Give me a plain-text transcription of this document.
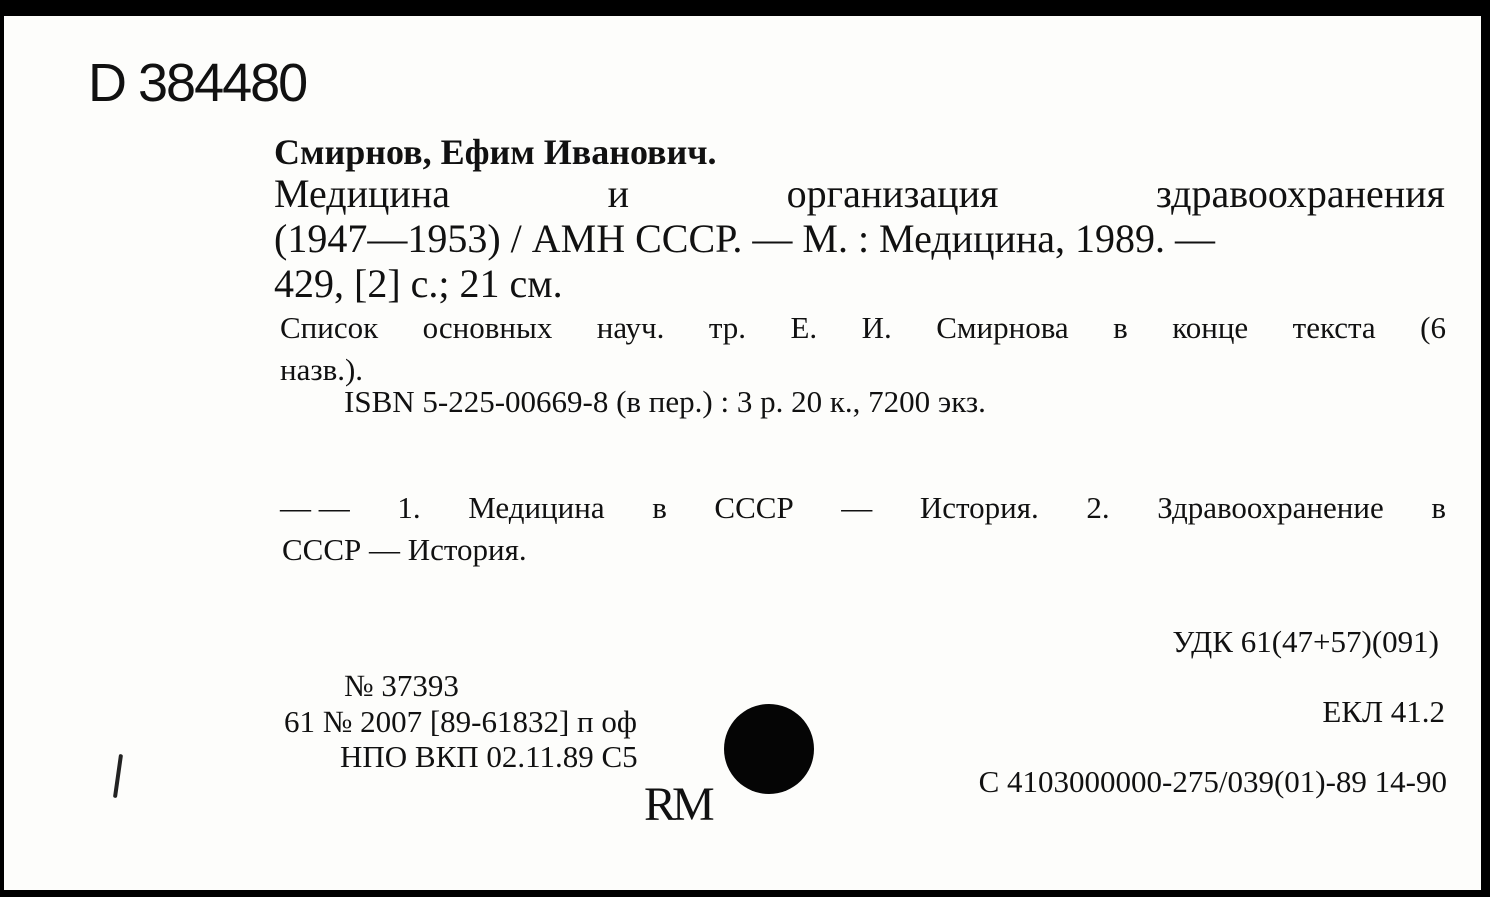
D 384480
Смирнов, Ефим Иванович.
Медицина	и	организация	здравоохранения
(1947—1953) / АМН СССР. — М. : Медицина, 1989. —
429, [2] с.; 21 см.
Список основных науч. тр. Е. И. Смирнова в конце текста (6
назв.).
ISBN 5-225-00669-8 (в пер.) : 3 р. 20 к., 7200 экз.
— — 1. Медицина в СССР — История. 2. Здравоохранение в
СССР — История.
УДК 61(47+57)(091)
ЕКЛ 41.2
С 4103000000-275/039(01)-89 14-90
№ 37393
61 № 2007 [89-61832] п оф
НПО ВКП 02.11.89 С5
RM
